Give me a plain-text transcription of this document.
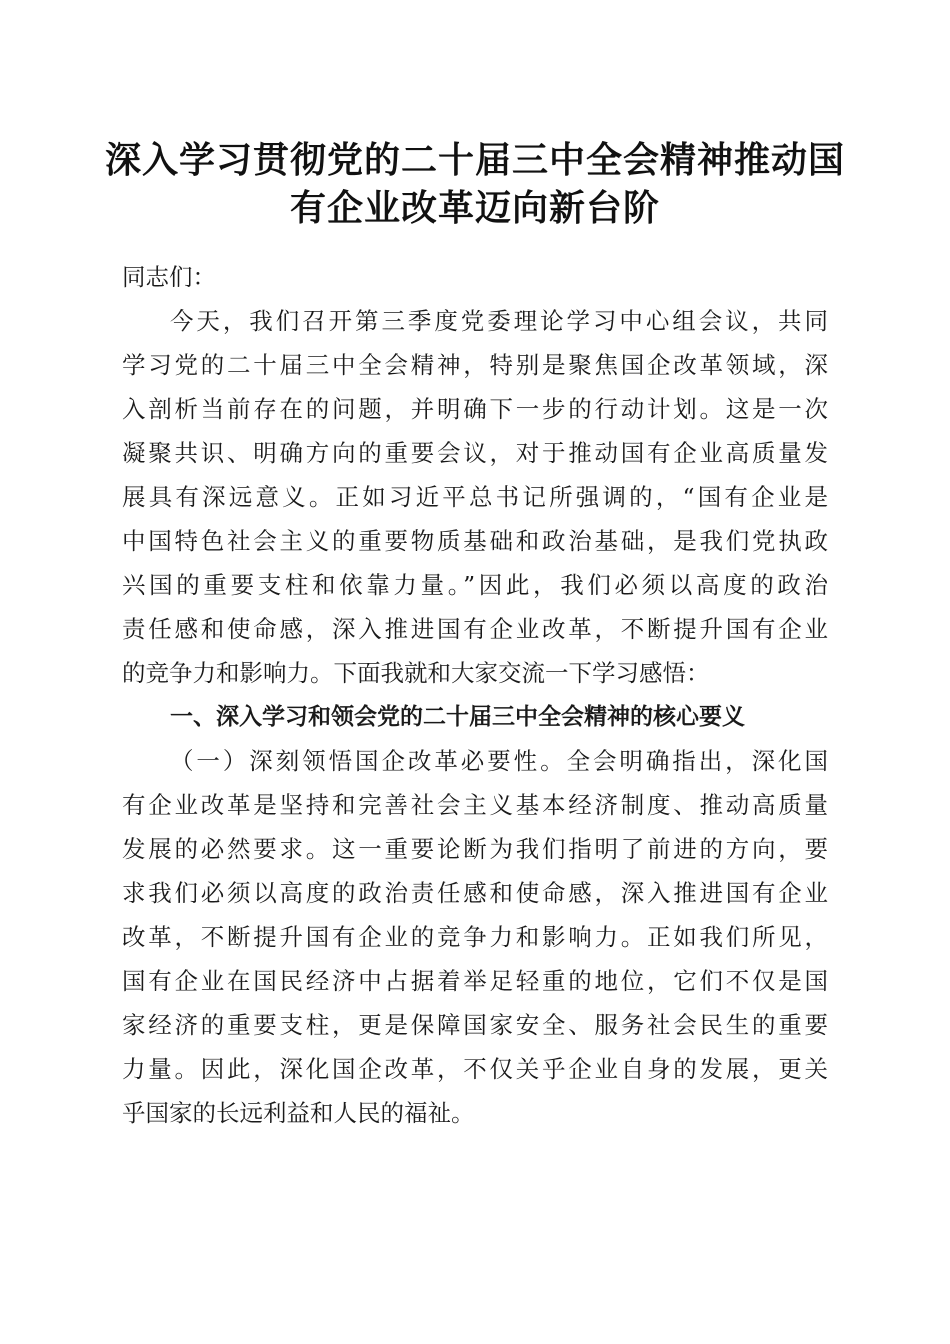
深入学习贯彻党的二十届三中全会精神推动国
有企业改革迈向新台阶
同志们：
今天，我们召开第三季度党委理论学习中心组会议，共同
学习党的二十届三中全会精神，特别是聚焦国企改革领域，深
入剖析当前存在的问题，并明确下一步的行动计划。这是一次
凝聚共识、明确方向的重要会议，对于推动国有企业高质量发
展具有深远意义。正如习近平总书记所强调的，“国有企业是
中国特色社会主义的重要物质基础和政治基础，是我们党执政
兴国的重要支柱和依靠力量。”因此，我们必须以高度的政治
责任感和使命感，深入推进国有企业改革，不断提升国有企业
的竞争力和影响力。下面我就和大家交流一下学习感悟：
一、深入学习和领会党的二十届三中全会精神的核心要义
（一）深刻领悟国企改革必要性。全会明确指出，深化国
有企业改革是坚持和完善社会主义基本经济制度、推动高质量
发展的必然要求。这一重要论断为我们指明了前进的方向，要
求我们必须以高度的政治责任感和使命感，深入推进国有企业
改革，不断提升国有企业的竞争力和影响力。正如我们所见，
国有企业在国民经济中占据着举足轻重的地位，它们不仅是国
家经济的重要支柱，更是保障国家安全、服务社会民生的重要
力量。因此，深化国企改革，不仅关乎企业自身的发展，更关
乎国家的长远利益和人民的福祉。
